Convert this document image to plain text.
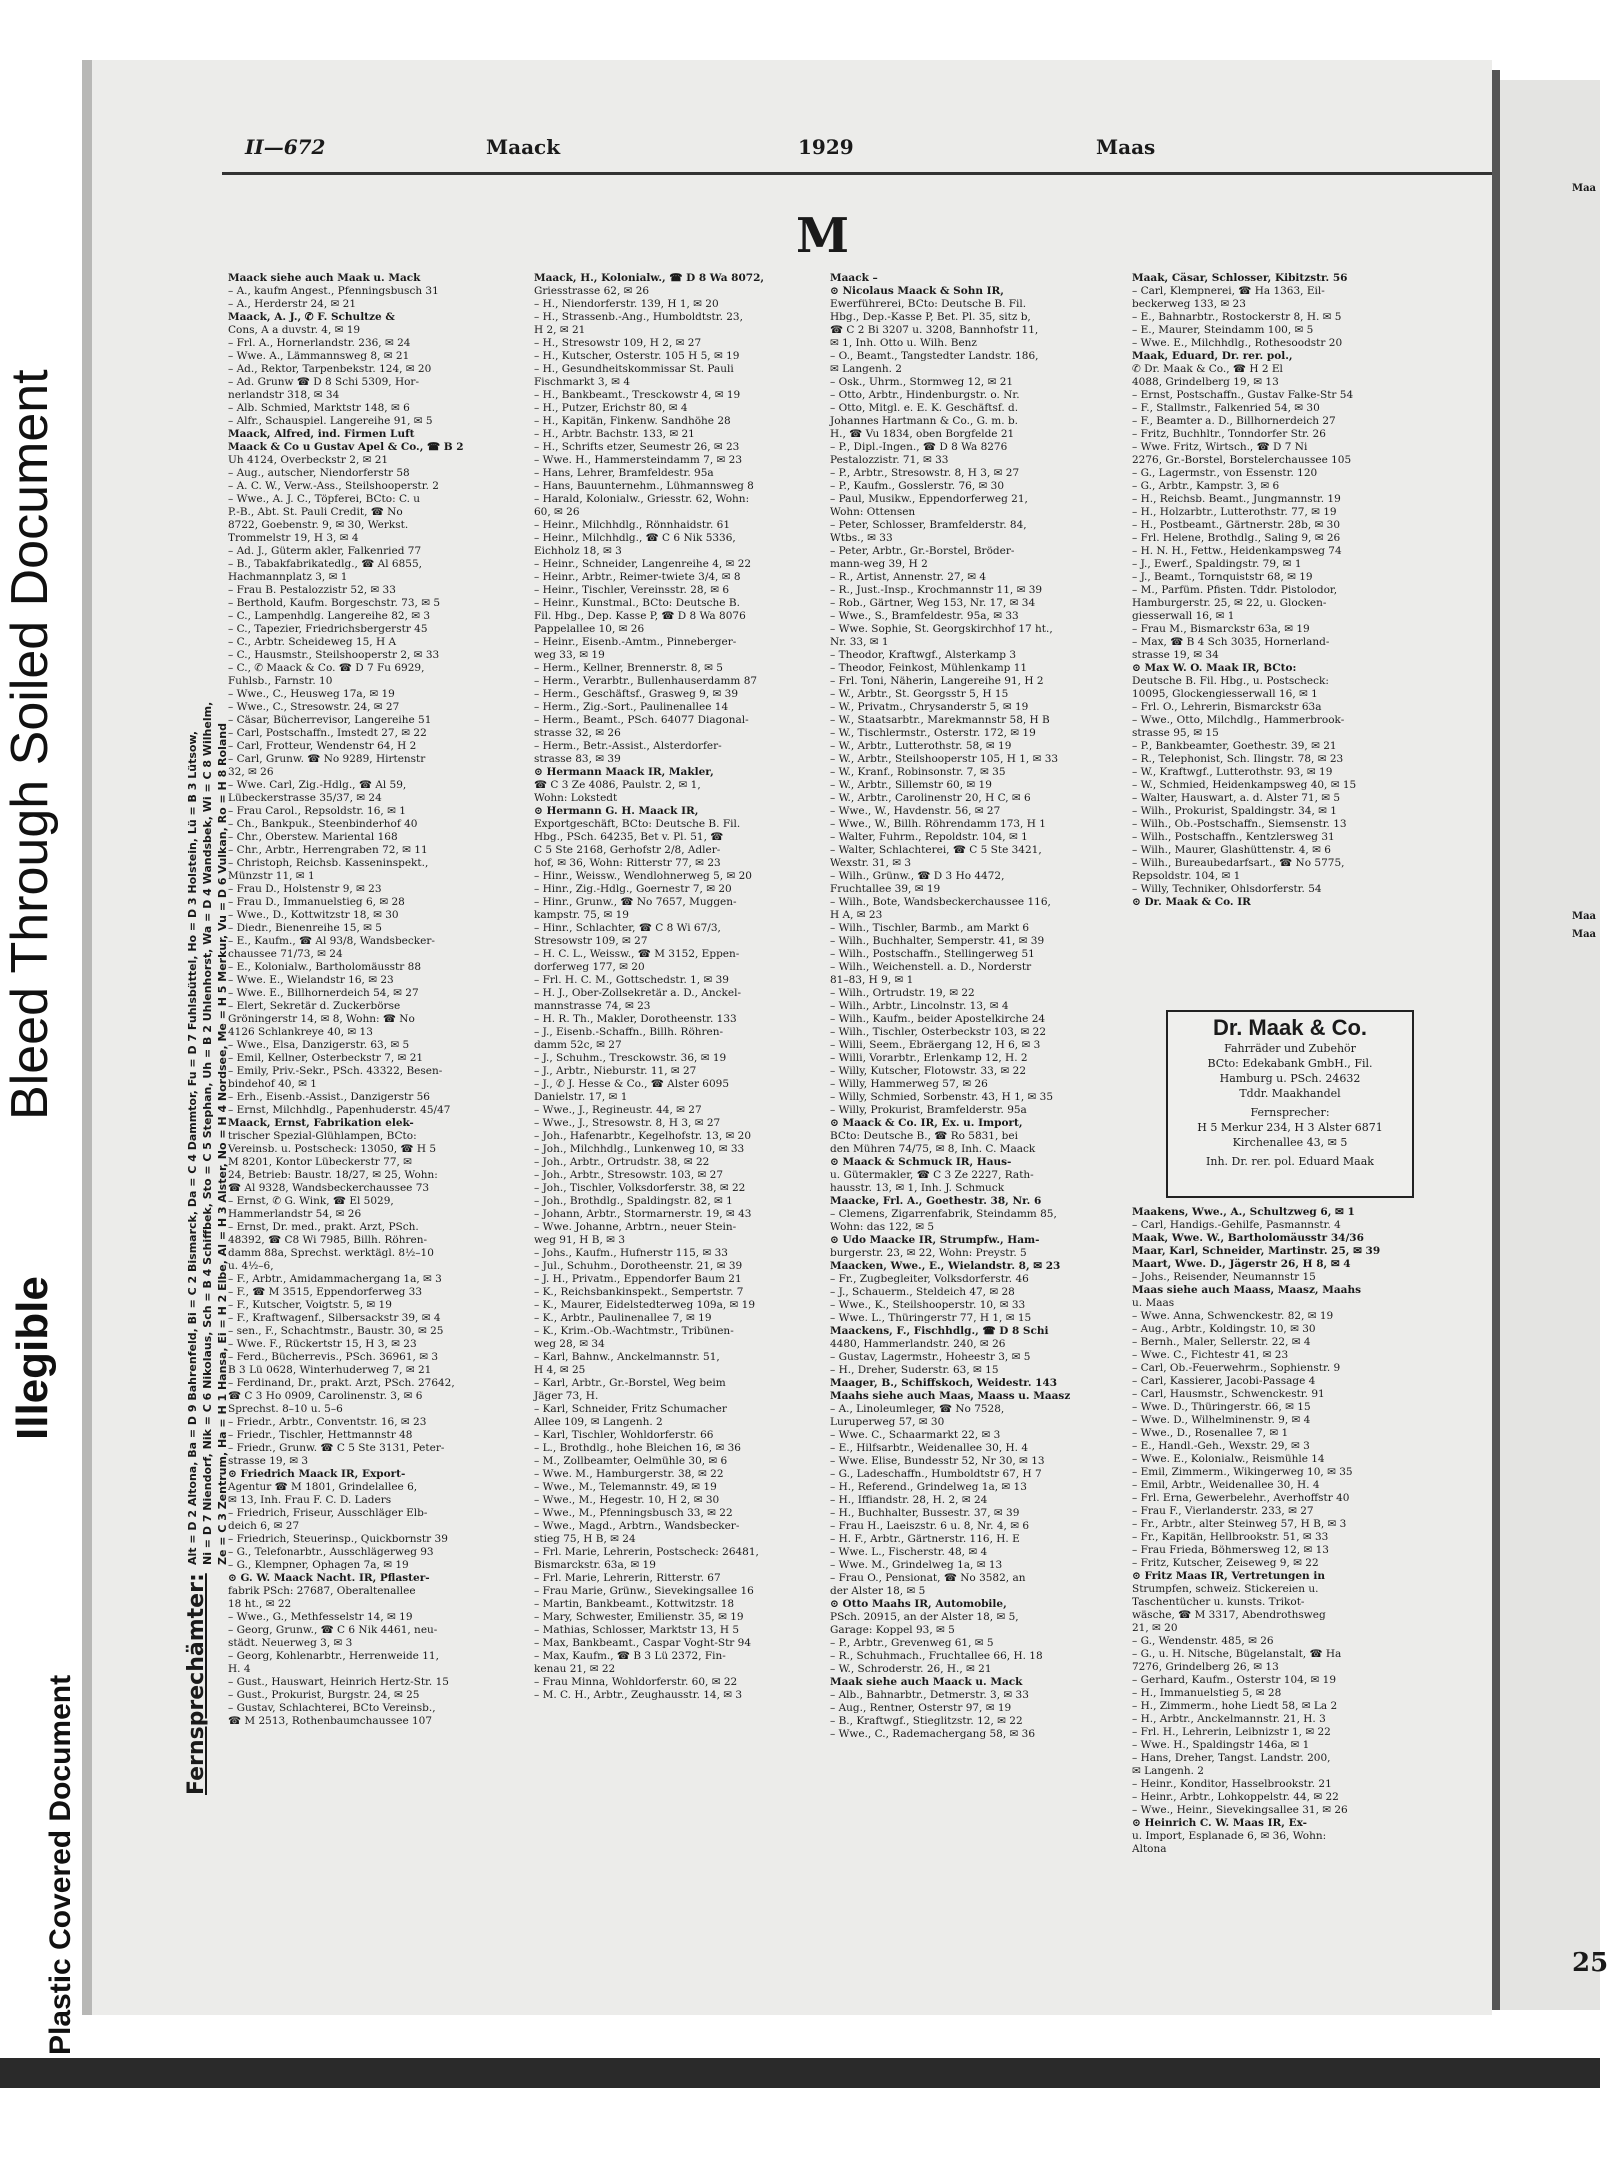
Illegible
Bleed Through Soiled Document
Plastic Covered Document
II—672	Maack	1929	Maas
M
Fernsprechämter:
Alt = D 2 Altona, Ba = D 9 Bahrenfeld, Bi = C 2 Bismarck, Da = C 4 Dammtor, Fu = D 7 Fuhlsbüttel, Ho = D 3 Holstein, Lü = B 3 Lütsow, Ni = D 7 Niendorf, Nik = C 6 Nikolaus, Sch = B 4 Schiffbek, Sto = C 5 Stephan, Uh = B 2 Uhlenhorst, Wa = D 4 Wandsbek, Wi = C 8 Wilhelm, Ze = C 3 Zentrum, Ha = H 1 Hansa, Ei = H 2 Elbe, Al = H 3 Alster, No = H 4 Nordsee, Me = H 5 Merkur, Vu = D 6 Vulkan, Ro = H 8 Roland
Maack siehe auch Maak u. Mack
– A., kaufm Angest., Pfenningsbusch 31
– A., Herderstr 24, ✉ 21
Maack, A. J., ✆ F. Schultze &
Cons, A a duvstr. 4, ✉ 19
– Frl. A., Hornerlandstr. 236, ✉ 24
– Wwe. A., Lämmannsweg 8, ✉ 21
– Ad., Rektor, Tarpenbekstr. 124, ✉ 20
– Ad. Grunw ☎ D 8 Schi 5309, Hor-
nerlandstr 318, ✉ 34
– Alb. Schmied, Marktstr 148, ✉ 6
– Alfr., Schauspiel. Langereihe 91, ✉ 5
Maack, Alfred, ind. Firmen Luft
Maack & Co u Gustav Apel & Co., ☎ B 2
Uh 4124, Overbeckstr 2, ✉ 21
– Aug., autscher, Niendorferstr 58
– A. C. W., Verw.-Ass., Steilshooperstr. 2
– Wwe., A. J. C., Töpferei, BCto: C. u
P.-B., Abt. St. Pauli Credit, ☎ No
8722, Goebenstr. 9, ✉ 30, Werkst.
Trommelstr 19, H 3, ✉ 4
– Ad. J., Güterm akler, Falkenried 77
– B., Tabakfabrikatedlg., ☎ Al 6855,
Hachmannplatz 3, ✉ 1
– Frau B. Pestalozzistr 52, ✉ 33
– Berthold, Kaufm. Borgeschstr. 73, ✉ 5
– C., Lampenhdlg. Langereihe 82, ✉ 3
– C., Tapezier, Friedrichsbergerstr 45
– C., Arbtr. Scheideweg 15, H A
– C., Hausmstr., Steilshooperstr 2, ✉ 33
– C., ✆ Maack & Co. ☎ D 7 Fu 6929,
Fuhlsb., Farnstr. 10
– Wwe., C., Heusweg 17a, ✉ 19
– Wwe., C., Stresowstr. 24, ✉ 27
– Cäsar, Bücherrevisor, Langereihe 51
– Carl, Postschaffn., Imstedt 27, ✉ 22
– Carl, Frotteur, Wendenstr 64, H 2
– Carl, Grunw. ☎ No 9289, Hirtenstr
32, ✉ 26
– Wwe. Carl, Zig.-Hdlg., ☎ Al 59,
Lübeckerstrasse 35/37, ✉ 24
– Frau Carol., Repsoldstr. 16, ✉ 1
– Ch., Bankpuk., Steenbinderhof 40
– Chr., Oberstew. Mariental 168
– Chr., Arbtr., Herrengraben 72, ✉ 11
– Christoph, Reichsb. Kasseninspekt.,
Münzstr 11, ✉ 1
– Frau D., Holstenstr 9, ✉ 23
– Frau D., Immanuelstieg 6, ✉ 28
– Wwe., D., Kottwitzstr 18, ✉ 30
– Diedr., Bienenreihe 15, ✉ 5
– E., Kaufm., ☎ Al 93/8, Wandsbecker-
chaussee 71/73, ✉ 24
– E., Kolonialw., Bartholomäusstr 88
– Wwe. E., Wielandstr 16, ✉ 23
– Wwe. E., Billhornerdeich 54, ✉ 27
– Elert, Sekretär d. Zuckerbörse
Gröningerstr 14, ✉ 8, Wohn: ☎ No
4126 Schlankreye 40, ✉ 13
– Wwe., Elsa, Danzigerstr. 63, ✉ 5
– Emil, Kellner, Osterbeckstr 7, ✉ 21
– Emily, Priv.-Sekr., PSch. 43322, Besen-
bindehof 40, ✉ 1
– Erh., Eisenb.-Assist., Danzigerstr 56
– Ernst, Milchhdlg., Papenhuderstr. 45/47
Maack, Ernst, Fabrikation elek-
trischer Spezial-Glühlampen, BCto:
Vereinsb. u. Postscheck: 13050, ☎ H 5
M 8201, Kontor Lübeckerstr 77, ✉
24, Betrieb: Baustr. 18/27, ✉ 25, Wohn:
☎ Al 9328, Wandsbeckerchaussee 73
– Ernst, ✆ G. Wink, ☎ El 5029,
Hammerlandstr 54, ✉ 26
– Ernst, Dr. med., prakt. Arzt, PSch.
48392, ☎ C8 Wi 7985, Billh. Röhren-
damm 88a, Sprechst. werktägl. 8½–10
u. 4½–6,
– F., Arbtr., Amidammachergang 1a, ✉ 3
– F., ☎ M 3515, Eppendorferweg 33
– F., Kutscher, Voigtstr. 5, ✉ 19
– F., Kraftwagenf., Silbersackstr 39, ✉ 4
– sen., F., Schachtmstr., Baustr. 30, ✉ 25
– Wwe. F., Rückertstr 15, H 3, ✉ 23
– Ferd., Bücherrevis., PSch. 36961, ✉ 3
B 3 Lü 0628, Winterhuderweg 7, ✉ 21
– Ferdinand, Dr., prakt. Arzt, PSch. 27642,
☎ C 3 Ho 0909, Carolinenstr. 3, ✉ 6
Sprechst. 8–10 u. 5–6
– Friedr., Arbtr., Conventstr. 16, ✉ 23
– Friedr., Tischler, Hettmannstr 48
– Friedr., Grunw. ☎ C 5 Ste 3131, Peter-
strasse 19, ✉ 3
⊙ Friedrich Maack IR, Export-
Agentur ☎ M 1801, Grindelallee 6,
✉ 13, Inh. Frau F. C. D. Laders
– Friedrich, Friseur, Ausschläger Elb-
deich 6, ✉ 27
– Friedrich, Steuerinsp., Quickbornstr 39
– G., Telefonarbtr., Ausschlägerweg 93
– G., Klempner, Ophagen 7a, ✉ 19
⊙ G. W. Maack Nacht. IR, Pflaster-
fabrik PSch: 27687, Oberaltenallee
18 ht., ✉ 22
– Wwe., G., Methfesselstr 14, ✉ 19
– Georg, Grunw., ☎ C 6 Nik 4461, neu-
städt. Neuerweg 3, ✉ 3
– Georg, Kohlenarbtr., Herrenweide 11,
H. 4
– Gust., Hauswart, Heinrich Hertz-Str. 15
– Gust., Prokurist, Burgstr. 24, ✉ 25
– Gustav, Schlachterei, BCto Vereinsb.,
☎ M 2513, Rothenbaumchaussee 107
Maack, H., Kolonialw., ☎ D 8 Wa 8072,
Griesstrasse 62, ✉ 26
– H., Niendorferstr. 139, H 1, ✉ 20
– H., Strassenb.-Ang., Humboldtstr. 23,
H 2, ✉ 21
– H., Stresowstr 109, H 2, ✉ 27
– H., Kutscher, Osterstr. 105 H 5, ✉ 19
– H., Gesundheitskommissar St. Pauli
Fischmarkt 3, ✉ 4
– H., Bankbeamt., Tresckowstr 4, ✉ 19
– H., Putzer, Erichstr 80, ✉ 4
– H., Kapitän, Finkenw. Sandhöhe 28
– H., Arbtr. Bachstr. 133, ✉ 21
– H., Schrifts etzer, Seumestr 26, ✉ 23
– Wwe. H., Hammersteindamm 7, ✉ 23
– Hans, Lehrer, Bramfeldestr. 95a
– Hans, Bauunternehm., Lühmannsweg 8
– Harald, Kolonialw., Griesstr. 62, Wohn:
60, ✉ 26
– Heinr., Milchhdlg., Rönnhaidstr. 61
– Heinr., Milchhdlg., ☎ C 6 Nik 5336,
Eichholz 18, ✉ 3
– Heinr., Schneider, Langenreihe 4, ✉ 22
– Heinr., Arbtr., Reimer-twiete 3/4, ✉ 8
– Heinr., Tischler, Vereinsstr. 28, ✉ 6
– Heinr., Kunstmal., BCto: Deutsche B.
Fil. Hbg., Dep. Kasse P, ☎ D 8 Wa 8076
Pappelallee 10, ✉ 26
– Heinr., Eisenb.-Amtm., Pinneberger-
weg 33, ✉ 19
– Herm., Kellner, Brennerstr. 8, ✉ 5
– Herm., Verarbtr., Bullenhauserdamm 87
– Herm., Geschäftsf., Grasweg 9, ✉ 39
– Herm., Zig.-Sort., Paulinenallee 14
– Herm., Beamt., PSch. 64077 Diagonal-
strasse 32, ✉ 26
– Herm., Betr.-Assist., Alsterdorfer-
strasse 83, ✉ 39
⊙ Hermann Maack IR, Makler,
☎ C 3 Ze 4086, Paulstr. 2, ✉ 1,
Wohn: Lokstedt
⊙ Hermann G. H. Maack IR,
Exportgeschäft, BCto: Deutsche B. Fil.
Hbg., PSch. 64235, Bet v. Pl. 51, ☎
C 5 Ste 2168, Gerhofstr 2/8, Adler-
hof, ✉ 36, Wohn: Ritterstr 77, ✉ 23
– Hinr., Weissw., Wendlohnerweg 5, ✉ 20
– Hinr., Zig.-Hdlg., Goernestr 7, ✉ 20
– Hinr., Grunw., ☎ No 7657, Muggen-
kampstr. 75, ✉ 19
– Hinr., Schlachter, ☎ C 8 Wi 67/3,
Stresowstr 109, ✉ 27
– H. C. L., Weissw., ☎ M 3152, Eppen-
dorferweg 177, ✉ 20
– Frl. H. C. M., Gottschedstr. 1, ✉ 39
– H. J., Ober-Zollsekretär a. D., Anckel-
mannstrasse 74, ✉ 23
– H. R. Th., Makler, Dorotheenstr. 133
– J., Eisenb.-Schaffn., Billh. Röhren-
damm 52c, ✉ 27
– J., Schuhm., Tresckowstr. 36, ✉ 19
– J., Arbtr., Nieburstr. 11, ✉ 27
– J., ✆ J. Hesse & Co., ☎ Alster 6095
Danielstr. 17, ✉ 1
– Wwe., J., Regineustr. 44, ✉ 27
– Wwe., J., Stresowstr. 8, H 3, ✉ 27
– Joh., Hafenarbtr., Kegelhofstr. 13, ✉ 20
– Joh., Milchhdlg., Lunkenweg 10, ✉ 33
– Joh., Arbtr., Ortrudstr. 38, ✉ 22
– Joh., Arbtr., Stresowstr. 103, ✉ 27
– Joh., Tischler, Volksdorferstr. 38, ✉ 22
– Joh., Brothdlg., Spaldingstr. 82, ✉ 1
– Johann, Arbtr., Stormarnerstr. 19, ✉ 43
– Wwe. Johanne, Arbtrn., neuer Stein-
weg 91, H B, ✉ 3
– Johs., Kaufm., Hufnerstr 115, ✉ 33
– Jul., Schuhm., Dorotheenstr. 21, ✉ 39
– J. H., Privatm., Eppendorfer Baum 21
– K., Reichsbankinspekt., Sempertstr. 7
– K., Maurer, Eidelstedterweg 109a, ✉ 19
– K., Arbtr., Paulinenallee 7, ✉ 19
– K., Krim.-Ob.-Wachtmstr., Tribünen-
weg 28, ✉ 34
– Karl, Bahnw., Anckelmannstr. 51,
H 4, ✉ 25
– Karl, Arbtr., Gr.-Borstel, Weg beim
Jäger 73, H.
– Karl, Schneider, Fritz Schumacher
Allee 109, ✉ Langenh. 2
– Karl, Tischler, Wohldorferstr. 66
– L., Brothdlg., hohe Bleichen 16, ✉ 36
– M., Zollbeamter, Oelmühle 30, ✉ 6
– Wwe. M., Hamburgerstr. 38, ✉ 22
– Wwe., M., Telemannstr. 49, ✉ 19
– Wwe., M., Hegestr. 10, H 2, ✉ 30
– Wwe., M., Pfenningsbusch 33, ✉ 22
– Wwe., Magd., Arbtrn., Wandsbecker-
stieg 75, H B, ✉ 24
– Frl. Marie, Lehrerin, Postscheck: 26481,
Bismarckstr. 63a, ✉ 19
– Frl. Marie, Lehrerin, Ritterstr. 67
– Frau Marie, Grünw., Sievekingsallee 16
– Martin, Bankbeamt., Kottwitzstr. 18
– Mary, Schwester, Emilienstr. 35, ✉ 19
– Mathias, Schlosser, Marktstr 13, H 5
– Max, Bankbeamt., Caspar Voght-Str 94
– Max, Kaufm., ☎ B 3 Lü 2372, Fin-
kenau 21, ✉ 22
– Frau Minna, Wohldorferstr. 60, ✉ 22
– M. C. H., Arbtr., Zeughausstr. 14, ✉ 3
Maack –
⊙ Nicolaus Maack & Sohn IR,
Ewerführerei, BCto: Deutsche B. Fil.
Hbg., Dep.-Kasse P, Bet. Pl. 35, sitz b,
☎ C 2 Bi 3207 u. 3208, Bannhofstr 11,
✉ 1, Inh. Otto u. Wilh. Benz
– O., Beamt., Tangstedter Landstr. 186,
✉ Langenh. 2
– Osk., Uhrm., Stormweg 12, ✉ 21
– Otto, Arbtr., Hindenburgstr. o. Nr.
– Otto, Mitgl. e. E. K. Geschäftsf. d.
Johannes Hartmann & Co., G. m. b.
H., ☎ Vu 1834, oben Borgfelde 21
– P., Dipl.-Ingen., ☎ D 8 Wa 8276
Pestalozzistr. 71, ✉ 33
– P., Arbtr., Stresowstr. 8, H 3, ✉ 27
– P., Kaufm., Gosslerstr. 76, ✉ 30
– Paul, Musikw., Eppendorferweg 21,
Wohn: Ottensen
– Peter, Schlosser, Bramfelderstr. 84,
Wtbs., ✉ 33
– Peter, Arbtr., Gr.-Borstel, Bröder-
mann-weg 39, H 2
– R., Artist, Annenstr. 27, ✉ 4
– R., Just.-Insp., Krochmannstr 11, ✉ 39
– Rob., Gärtner, Weg 153, Nr. 17, ✉ 34
– Wwe., S., Bramfeldestr. 95a, ✉ 33
– Wwe. Sophie, St. Georgskirchhof 17 ht.,
Nr. 33, ✉ 1
– Theodor, Kraftwgf., Alsterkamp 3
– Theodor, Feinkost, Mühlenkamp 11
– Frl. Toni, Näherin, Langereihe 91, H 2
– W., Arbtr., St. Georgsstr 5, H 15
– W., Privatm., Chrysanderstr 5, ✉ 19
– W., Staatsarbtr., Marekmannstr 58, H B
– W., Tischlermstr., Osterstr. 172, ✉ 19
– W., Arbtr., Lutterothstr. 58, ✉ 19
– W., Arbtr., Steilshooperstr 105, H 1, ✉ 33
– W., Kranf., Robinsonstr. 7, ✉ 35
– W., Arbtr., Sillemstr 60, ✉ 19
– W., Arbtr., Carolinenstr 20, H C, ✉ 6
– Wwe., W., Havdenstr. 56, ✉ 27
– Wwe., W., Billh. Röhrendamm 173, H 1
– Walter, Fuhrm., Repoldstr. 104, ✉ 1
– Walter, Schlachterei, ☎ C 5 Ste 3421,
Wexstr. 31, ✉ 3
– Wilh., Grünw., ☎ D 3 Ho 4472,
Fruchtallee 39, ✉ 19
– Wilh., Bote, Wandsbeckerchaussee 116,
H A, ✉ 23
– Wilh., Tischler, Barmb., am Markt 6
– Wilh., Buchhalter, Semperstr. 41, ✉ 39
– Wilh., Postschaffn., Stellingerweg 51
– Wilh., Weichenstell. a. D., Norderstr
81–83, H 9, ✉ 1
– Wilh., Ortrudstr. 19, ✉ 22
– Wilh., Arbtr., Lincolnstr. 13, ✉ 4
– Wilh., Kaufm., beider Apostelkirche 24
– Wilh., Tischler, Osterbeckstr 103, ✉ 22
– Willi, Seem., Ebräergang 12, H 6, ✉ 3
– Willi, Vorarbtr., Erlenkamp 12, H. 2
– Willy, Kutscher, Flotowstr. 33, ✉ 22
– Willy, Hammerweg 57, ✉ 26
– Willy, Schmied, Sorbenstr. 43, H 1, ✉ 35
– Willy, Prokurist, Bramfelderstr. 95a
⊙ Maack & Co. IR, Ex. u. Import,
BCto: Deutsche B., ☎ Ro 5831, bei
den Mühren 74/75, ✉ 8, Inh. C. Maack
⊙ Maack & Schmuck IR, Haus-
u. Gütermakler, ☎ C 3 Ze 2227, Rath-
hausstr. 13, ✉ 1, Inh. J. Schmuck
Maacke, Frl. A., Goethestr. 38, Nr. 6
– Clemens, Zigarrenfabrik, Steindamm 85,
Wohn: das 122, ✉ 5
⊙ Udo Maacke IR, Strumpfw., Ham-
burgerstr. 23, ✉ 22, Wohn: Preystr. 5
Maacken, Wwe., E., Wielandstr. 8, ✉ 23
– Fr., Zugbegleiter, Volksdorferstr. 46
– J., Schauerm., Steldeich 47, ✉ 28
– Wwe., K., Steilshooperstr. 10, ✉ 33
– Wwe. L., Thüringerstr 77, H 1, ✉ 15
Maackens, F., Fischhdlg., ☎ D 8 Schi
4480, Hammerlandstr. 240, ✉ 26
– Gustav, Lagermstr., Hoheestr 3, ✉ 5
– H., Dreher, Suderstr. 63, ✉ 15
Maager, B., Schiffskoch, Weidestr. 143
Maahs siehe auch Maas, Maass u. Maasz
– A., Linoleumleger, ☎ No 7528,
Luruperweg 57, ✉ 30
– Wwe. C., Schaarmarkt 22, ✉ 3
– E., Hilfsarbtr., Weidenallee 30, H. 4
– Wwe. Elise, Bundesstr 52, Nr 30, ✉ 13
– G., Ladeschaffn., Humboldtstr 67, H 7
– H., Referend., Grindelweg 1a, ✉ 13
– H., Iffiandstr. 28, H. 2, ✉ 24
– H., Buchhalter, Bussestr. 37, ✉ 39
– Frau H., Laeiszstr. 6 u. 8, Nr. 4, ✉ 6
– H. F., Arbtr., Gärtnerstr. 116, H. E
– Wwe. L., Fischerstr. 48, ✉ 4
– Wwe. M., Grindelweg 1a, ✉ 13
– Frau O., Pensionat, ☎ No 3582, an
der Alster 18, ✉ 5
⊙ Otto Maahs IR, Automobile,
PSch. 20915, an der Alster 18, ✉ 5,
Garage: Koppel 93, ✉ 5
– P., Arbtr., Grevenweg 61, ✉ 5
– R., Schuhmach., Fruchtallee 66, H. 18
– W., Schroderstr. 26, H., ✉ 21
Maak siehe auch Maack u. Mack
– Alb., Bahnarbtr., Detmerstr. 3, ✉ 33
– Aug., Rentner, Osterstr 97, ✉ 19
– B., Kraftwgf., Stieglitzstr. 12, ✉ 22
– Wwe., C., Rademachergang 58, ✉ 36
Maak, Cäsar, Schlosser, Kibitzstr. 56
– Carl, Klempnerei, ☎ Ha 1363, Eil-
beckerweg 133, ✉ 23
– E., Bahnarbtr., Rostockerstr 8, H. ✉ 5
– E., Maurer, Steindamm 100, ✉ 5
– Wwe. E., Milchhdlg., Rothesoodstr 20
Maak, Eduard, Dr. rer. pol.,
✆ Dr. Maak & Co., ☎ H 2 El
4088, Grindelberg 19, ✉ 13
– Ernst, Postschaffn., Gustav Falke-Str 54
– F., Stallmstr., Falkenried 54, ✉ 30
– F., Beamter a. D., Billhornerdeich 27
– Fritz, Buchhltr., Tonndorfer Str. 26
– Wwe. Fritz, Wirtsch., ☎ D 7 Ni
2276, Gr.-Borstel, Borstelerchaussee 105
– G., Lagermstr., von Essenstr. 120
– G., Arbtr., Kampstr. 3, ✉ 6
– H., Reichsb. Beamt., Jungmannstr. 19
– H., Holzarbtr., Lutterothstr. 77, ✉ 19
– H., Postbeamt., Gärtnerstr. 28b, ✉ 30
– Frl. Helene, Brothdlg., Saling 9, ✉ 26
– H. N. H., Fettw., Heidenkampsweg 74
– J., Ewerf., Spaldingstr. 79, ✉ 1
– J., Beamt., Tornquiststr 68, ✉ 19
– M., Parfüm. Pfisten. Tddr. Pistolodor,
Hamburgerstr. 25, ✉ 22, u. Glocken-
giesserwall 16, ✉ 1
– Frau M., Bismarckstr 63a, ✉ 19
– Max, ☎ B 4 Sch 3035, Hornerland-
strasse 19, ✉ 34
⊙ Max W. O. Maak IR, BCto:
Deutsche B. Fil. Hbg., u. Postscheck:
10095, Glockengiesserwall 16, ✉ 1
– Frl. O., Lehrerin, Bismarckstr 63a
– Wwe., Otto, Milchdlg., Hammerbrook-
strasse 95, ✉ 15
– P., Bankbeamter, Goethestr. 39, ✉ 21
– R., Telephonist, Sch. Ilingstr. 78, ✉ 23
– W., Kraftwgf., Lutterothstr. 93, ✉ 19
– W., Schmied, Heidenkampsweg 40, ✉ 15
– Walter, Hauswart, a. d. Alster 71, ✉ 5
– Wilh., Prokurist, Spaldingstr. 34, ✉ 1
– Wilh., Ob.-Postschaffn., Siemsenstr. 13
– Wilh., Postschaffn., Kentzlersweg 31
– Wilh., Maurer, Glashüttenstr. 4, ✉ 6
– Wilh., Bureaubedarfsart., ☎ No 5775,
Repsoldstr. 104, ✉ 1
– Willy, Techniker, Ohlsdorferstr. 54
⊙ Dr. Maak & Co. IR
Maakens, Wwe., A., Schultzweg 6, ✉ 1
– Carl, Handigs.-Gehilfe, Pasmannstr. 4
Maak, Wwe. W., Bartholomäusstr 34/36
Maar, Karl, Schneider, Martinstr. 25, ✉ 39
Maart, Wwe. D., Jägerstr 26, H 8, ✉ 4
– Johs., Reisender, Neumannstr 15
Maas siehe auch Maass, Maasz, Maahs
u. Maas
– Wwe. Anna, Schwenckestr. 82, ✉ 19
– Aug., Arbtr., Koldingstr. 10, ✉ 30
– Bernh., Maler, Sellerstr. 22, ✉ 4
– Wwe. C., Fichtestr 41, ✉ 23
– Carl, Ob.-Feuerwehrm., Sophienstr. 9
– Carl, Kassierer, Jacobi-Passage 4
– Carl, Hausmstr., Schwenckestr. 91
– Wwe. D., Thüringerstr. 66, ✉ 15
– Wwe. D., Wilhelminenstr. 9, ✉ 4
– Wwe., D., Rosenallee 7, ✉ 1
– E., Handl.-Geh., Wexstr. 29, ✉ 3
– Wwe. E., Kolonialw., Reismühle 14
– Emil, Zimmerm., Wikingerweg 10, ✉ 35
– Emil, Arbtr., Weidenallee 30, H. 4
– Frl. Erna, Gewerbelehr., Averhoffstr 40
– Frau F., Vierlanderstr. 233, ✉ 27
– Fr., Arbtr., alter Steinweg 57, H B, ✉ 3
– Fr., Kapitän, Hellbrookstr. 51, ✉ 33
– Frau Frieda, Böhmersweg 12, ✉ 13
– Fritz, Kutscher, Zeiseweg 9, ✉ 22
⊙ Fritz Maas IR, Vertretungen in
Strumpfen, schweiz. Stickereien u.
Taschentücher u. kunsts. Trikot-
wäsche, ☎ M 3317, Abendrothsweg
21, ✉ 20
– G., Wendenstr. 485, ✉ 26
– G., u. H. Nitsche, Bügelanstalt, ☎ Ha
7276, Grindelberg 26, ✉ 13
– Gerhard, Kaufm., Osterstr 104, ✉ 19
– H., Immanuelstieg 5, ✉ 28
– H., Zimmerm., hohe Liedt 58, ✉ La 2
– H., Arbtr., Anckelmannstr. 21, H. 3
– Frl. H., Lehrerin, Leibnizstr 1, ✉ 22
– Wwe. H., Spaldingstr 146a, ✉ 1
– Hans, Dreher, Tangst. Landstr. 200,
✉ Langenh. 2
– Heinr., Konditor, Hasselbrookstr. 21
– Heinr., Arbtr., Lohkoppelstr. 44, ✉ 22
– Wwe., Heinr., Sievekingsallee 31, ✉ 26
⊙ Heinrich C. W. Maas IR, Ex-
u. Import, Esplanade 6, ✉ 36, Wohn:
Altona
Dr. Maak & Co.
Fahrräder und Zubehör
BCto: Edekabank GmbH., Fil.
Hamburg u. PSch. 24632
Tddr. Maakhandel
Fernsprecher:
H 5 Merkur 234, H 3 Alster 6871
Kirchenallee 43, ✉ 5
Inh. Dr. rer. pol. Eduard Maak
Maa
Maa
Maa
25
